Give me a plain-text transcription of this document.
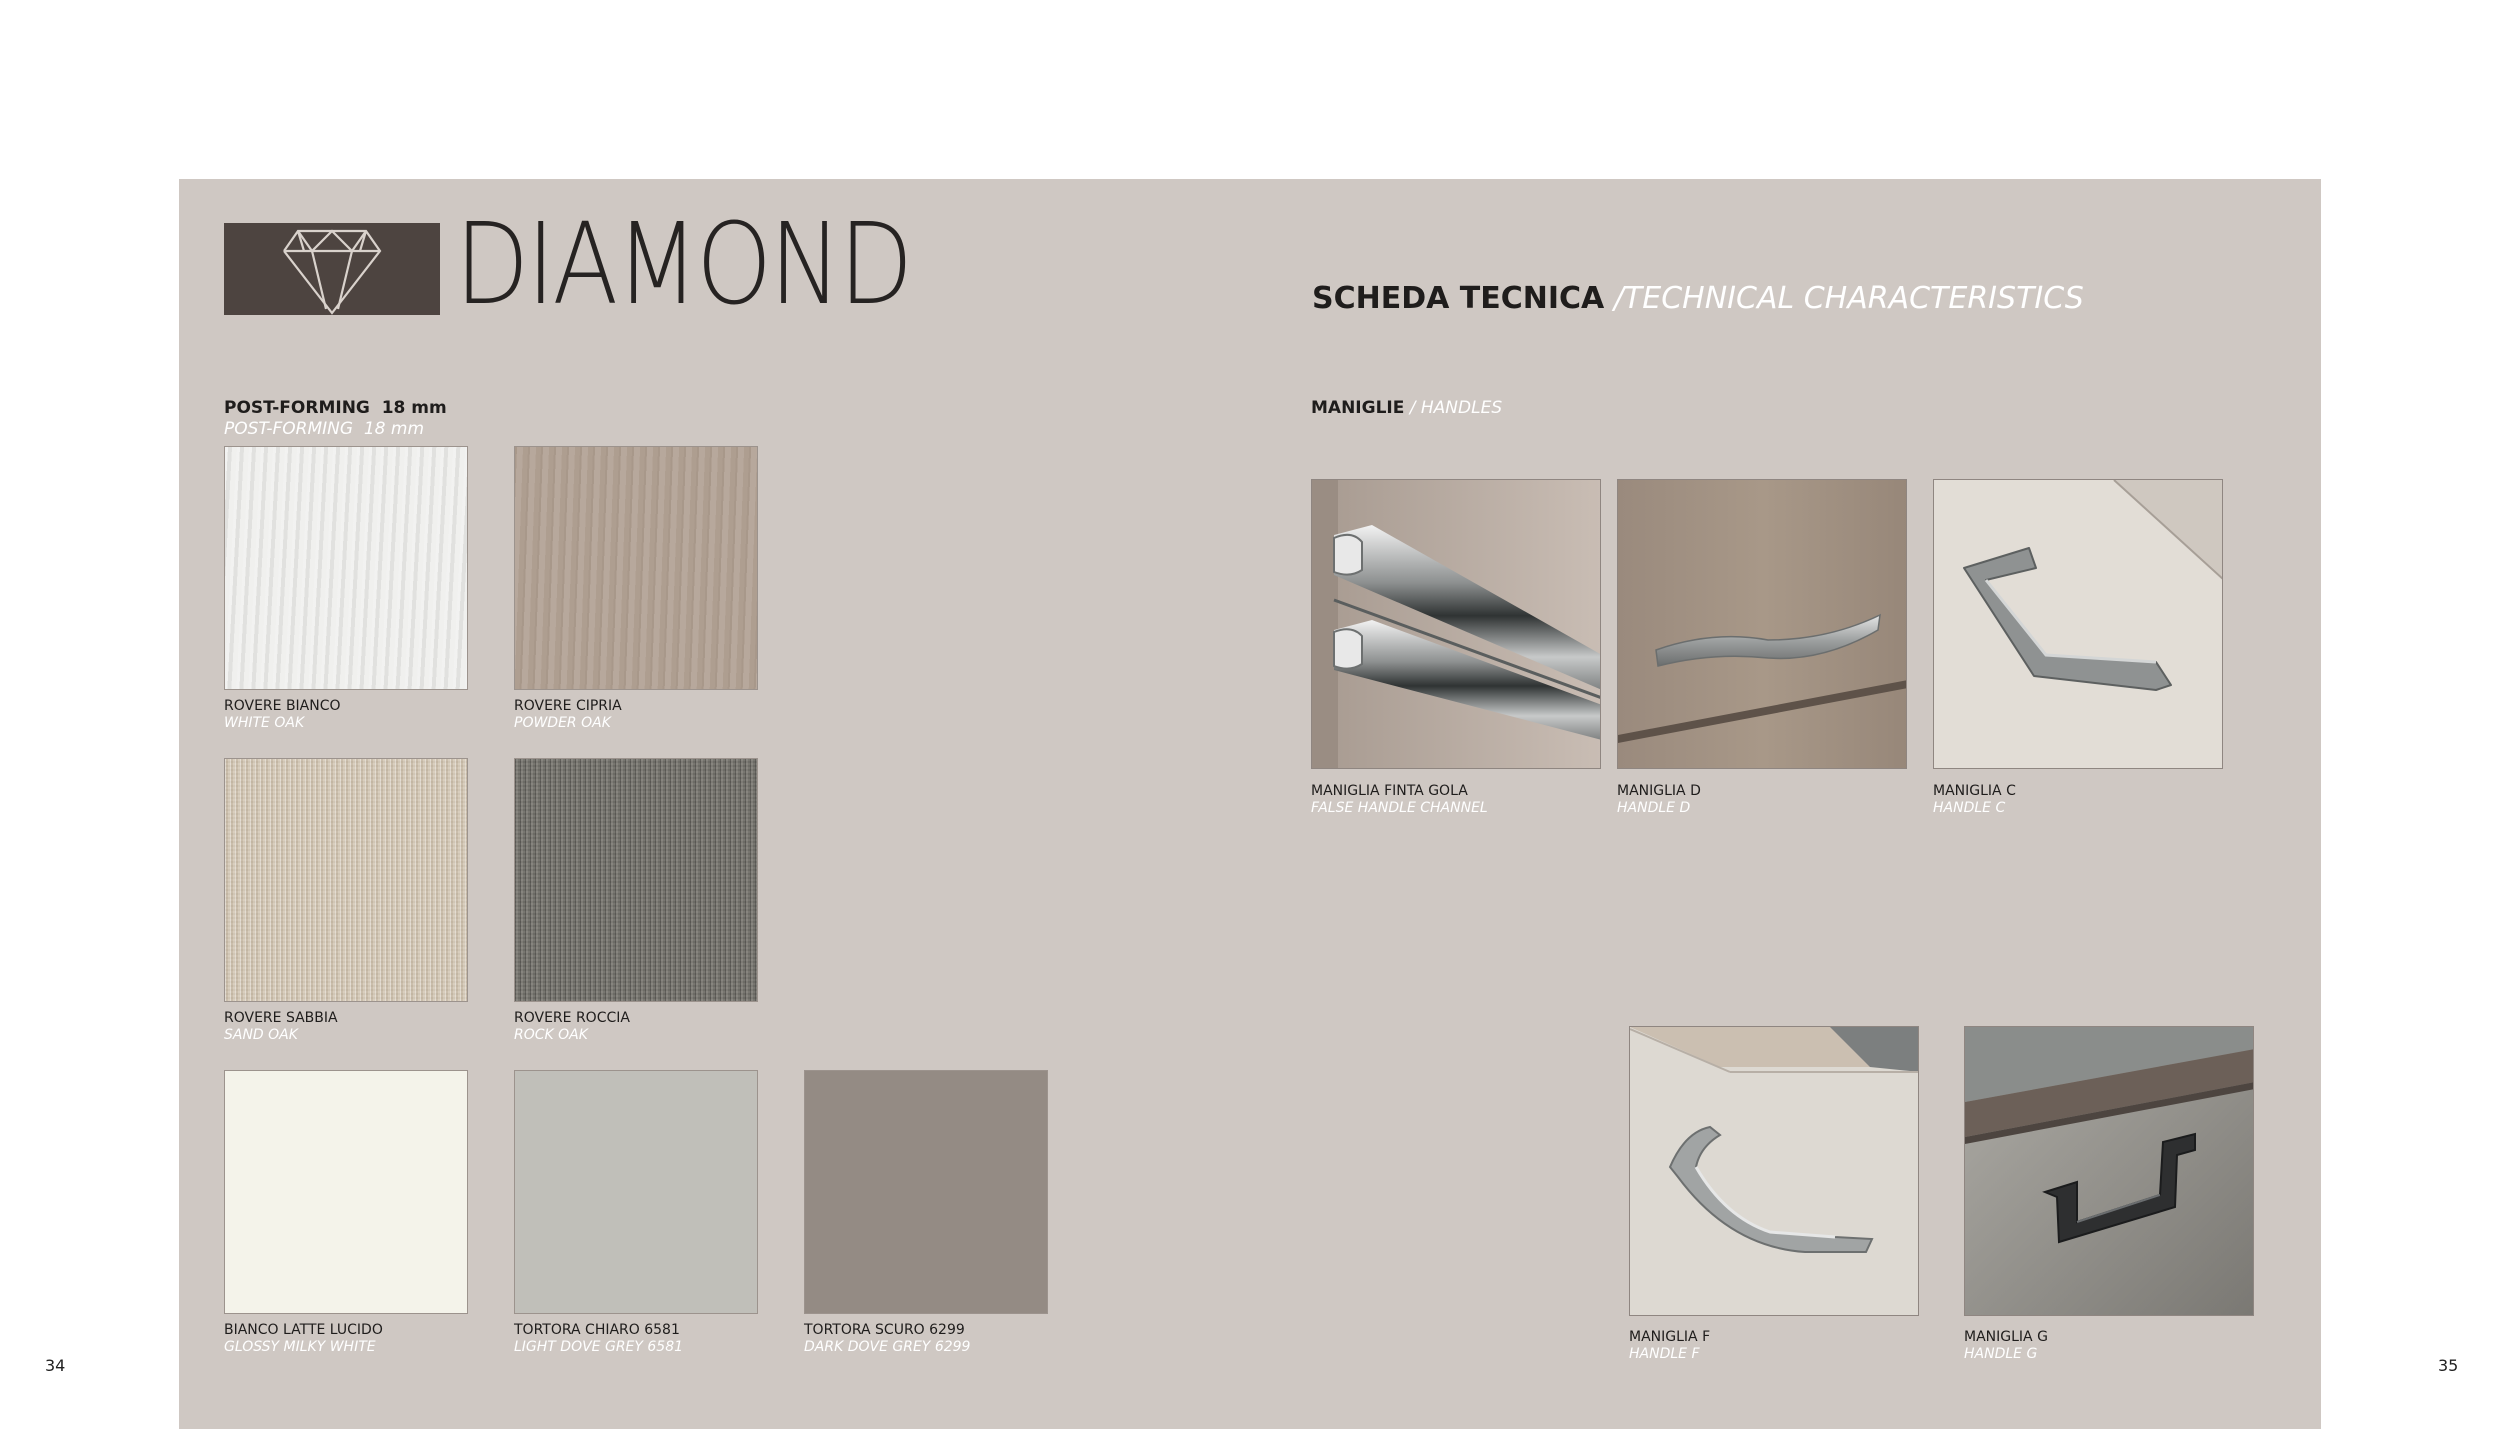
34	35
DIAMOND	SCHEDA TECNICA /TECHNICAL CHARACTERISTICS
POST-FORMING  18 mm
POST-FORMING  18 mm
ROVERE BIANCO
WHITE OAK
ROVERE CIPRIA
POWDER OAK
ROVERE SABBIA
SAND OAK
ROVERE ROCCIA
ROCK OAK
BIANCO LATTE LUCIDO
GLOSSY MILKY WHITE
TORTORA CHIARO 6581
LIGHT DOVE GREY 6581
TORTORA SCURO 6299
DARK DOVE GREY 6299
MANIGLIE / HANDLES
MANIGLIA FINTA GOLA
FALSE HANDLE CHANNEL
MANIGLIA D
HANDLE D
MANIGLIA C
HANDLE C
MANIGLIA F
HANDLE F
MANIGLIA G
HANDLE G
